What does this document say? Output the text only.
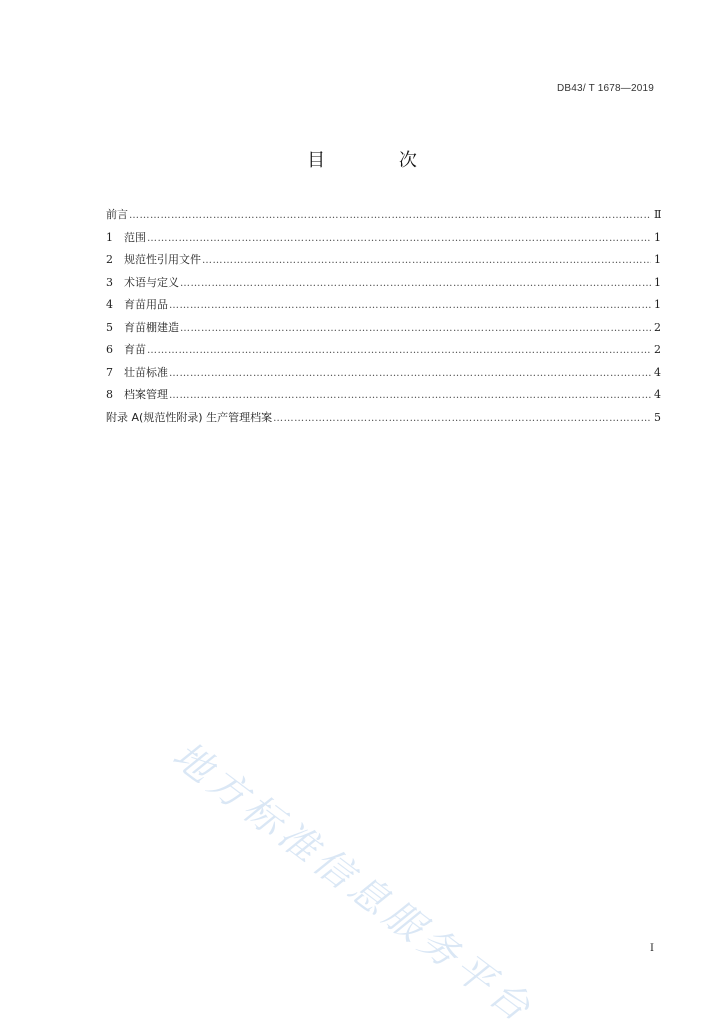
DB43/ T 1678—2019
目 次
前言 …………………………………………………………………………………………………………………………………………………………………………………………	Ⅱ
1	范围 …………………………………………………………………………………………………………………………………………………………………………………………	1
2	规范性引用文件 …………………………………………………………………………………………………………………………………………………………………………………………	1
3	术语与定义 …………………………………………………………………………………………………………………………………………………………………………………………	1
4	育苗用品 …………………………………………………………………………………………………………………………………………………………………………………………	1
5	育苗棚建造 …………………………………………………………………………………………………………………………………………………………………………………………	2
6	育苗 …………………………………………………………………………………………………………………………………………………………………………………………	2
7	壮苗标准 …………………………………………………………………………………………………………………………………………………………………………………………	4
8	档案管理 …………………………………………………………………………………………………………………………………………………………………………………………	4
附录 A(规范性附录) 生产管理档案 …………………………………………………………………………………………………………………………………………………………………………………………	5
地方标准信息服务平台	I
